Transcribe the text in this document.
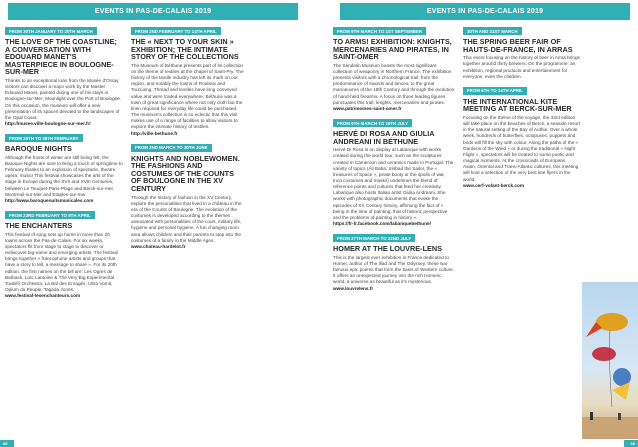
EVENTS IN PAS-DE-CALAIS 2019	EVENTS IN PAS-DE-CALAIS 2019
FROM 30TH JANUARY TO 20TH MARCH
THE LOVE OF THE COASTLINE; A CONVERSATION WITH EDOUARD MANET'S MASTERPIECE IN BOULOGNE-SUR-MER
Thanks to an exceptional loan from the Musée d'Orsay, visitors can discover a major work by the Master Edouard Manet, painted during one of his stays in Boulogne-sur-Mer; Moonlight over the Port of Boulogne. On this occasion, the museum will offer a new presentation of its spaces devoted to the landscapes of the Opal Coast.
http://musee.ville-boulogne-sur-mer.fr/
FROM 26TH TO 28TH FEBRUARY
BAROQUE NIGHTS
Although the frosts of winter are still being felt, the Baroque Nights are sure to bring a touch of springtime to February thanks to an explosion of spectacle, theatre, opera, music! This festival showcases the arts of the stage in Europe during the XVII and XVIII Centuries, between Le Touquet-Paris-Plage and Berck-sur-mer, Montreuil-sur-Mer and Etaples-sur-mer.
http://www.baroquenuitsmusicales.com
FROM 23RD FEBRUARY TO 9TH APRIL
THE ENCHANTERS
This festival of song sets up home in more than 20 towns across the Pas-de-Calais. For six weeks, spectators flit from stage to stage to discover or rediscover big-name and emerging artists. The festival brings together « francophone artists and groups that have a story to tell, a message to share ». For its 20th edition, the first names on the bill are: Les Ogres de Barback, Loïc Lantoine & The Very Big Experimental Toubifri Orchestra, La Bal des Enragés, Ultra Vomit, Opium du Peuple, Tagada Jones.
www.festival-lesenchanteurs.com
FROM 2ND FEBRUARY TO 14TH APRIL
THE « NEXT TO YOUR SKIN » EXHIBITION; THE INTIMATE STORY OF THE COLLECTIONS
The Museum of Béthune presents part of its collection on the theme of textiles at the chapel of Saint-Pry. The history of the textile industry has left its mark on our region, and notably the towns of Roubaix and Tourcoing. Thread and textiles have long conveyed value and were traded everywhere. Béthune was a town of great significance where not only cloth but the linen required for everyday life could be purchased. The museum's collection is so eclectic that this visit makes use of a range of facilities to allow visitors to explore the intimate history of textiles.
http://ville-bethune.fr
FROM 2ND MARCH TO 30TH JUNE
KNIGHTS AND NOBLEWOMEN. THE FASHIONS AND COSTUMES OF THE COUNTS OF BOULOGNE IN THE XV CENTURY
Through the history of fashion in the XV Century, explore the personalities that lived in a château in the era of the Counts of Boulogne. The evolution of the costumes is developed according to the themes associated with personalities of the court, military life, hygiene and personal hygiene. A fun changing room area allows children and their parents to step into the costumes of a family in the Middle Ages.
www.chateau-hardelot.fr
FROM 9TH MARCH TO 1ST SEPTEMBER
TO ARMS! EXHIBITION: KNIGHTS, MERCENARIES AND PIRATES, IN SAINT-OMER
The Sandelin Museum boasts the most significant collection of weaponry in Northern France. The exhibition presents visitors with a chronological trail: from the predominance of swords and lances, to the great manoeuvres of the 18th Century and through the evolution of hand-held firearms. A focus on three leading figures punctuates this trail: knights, mercenaries and pirates.
www.patrimoines-saint-omer.fr
FROM 9TH MARCH TO 16TH JULY
HERVÉ DI ROSA AND GIULIA ANDREANI IN BÉTHUNE
Hervé Di Rosa is on display at Labanque with works created during the world tour, such as the sculptures created in Cameroon and ceramics made in Portugal. The variety of topics (Ali Baba, Sinbad the Sailor, the « treasures of Space », pirate booty or the spoils of war, Inca costumes and masks) underlines the blend of reference points and cultures that feed her creativity. Labanque also hosts Italian artist Giulia Andreani. She works with photographic documents that evoke the episodes of XX Century history, affirming the fact of « being in the time of painting, that of historic perspective and the problems of painting in history ».
https://fr-fr.facebook.com/labanquebethune/
FROM 27TH MARCH TO 22ND JULY
HOMER AT THE LOUVRE-LENS
This is the largest ever exhibition in France dedicated to Homer, author of The Iliad and The Odyssey, these two famous epic poems that form the basis of Western culture. It offers an unexpected journey into the rich Homeric world, a universe as beautiful as it's mysterious.
www.louvrelens.fr
30TH AND 31ST MARCH
THE SPRING BEER FAIR OF HAUTS-DE-FRANCE, IN ARRAS
This event focusing on the history of beer in Arras brings together around thirty brewers. On the programme: an exhibition, regional products and entertainment for everyone, even the children.
FROM 6TH TO 14TH APRIL
THE INTERNATIONAL KITE MEETING AT BERCK-SUR-MER
Focusing on the theme of the voyage, the 33rd edition will take place on the beaches of Berck, a seaside resort in the natural setting of the Bay of Authie. Over a whole week, hundreds of butterflies, octopuses, puppets and birds will fill the sky with colour. Along the paths of the « Gardens of the Wind » or during the traditional « Night Flight », spectators will be treated to some poetic and magical moments. At the crossroads of European, Asian, Oriental and Trans-Atlantic cultures, this meeting will host a selection of the very best kite flyers in the world.
www.cerf-volant-berck.com
68	69
